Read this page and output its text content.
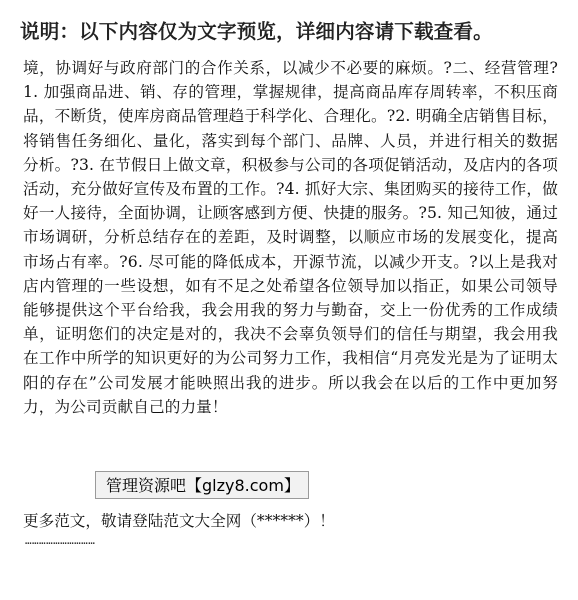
说明：以下内容仅为文字预览，详细内容请下载查看。

境，协调好与政府部门的合作关系，以减少不必要的麻烦。?二、经营管理?1. 加强商品进、销、存的管理，掌握规律，提高商品库存周转率，不积压商品，不断货，使库房商品管理趋于科学化、合理化。?2. 明确全店销售目标，将销售任务细化、量化，落实到每个部门、品牌、人员，并进行相关的数据分析。?3. 在节假日上做文章，积极参与公司的各项促销活动，及店内的各项活动，充分做好宣传及布置的工作。?4. 抓好大宗、集团购买的接待工作，做好一人接待，全面协调，让顾客感到方便、快捷的服务。?5. 知己知彼，通过市场调研，分析总结存在的差距，及时调整，以顺应市场的发展变化，提高市场占有率。?6. 尽可能的降低成本，开源节流，以减少开支。?以上是我对店内管理的一些设想，如有不足之处希望各位领导加以指正，如果公司领导能够提供这个平台给我，我会用我的努力与勤奋，交上一份优秀的工作成绩单，证明您们的决定是对的，我决不会辜负领导们的信任与期望，我会用我在工作中所学的知识更好的为公司努力工作，我相信“月亮发光是为了证明太阳的存在”公司发展才能映照出我的进步。所以我会在以后的工作中更加努力，为公司贡献自己的力量！

管理资源吧【glzy8.com】
更多范文，敬请登陆范文大全网（******）！
…………………………
